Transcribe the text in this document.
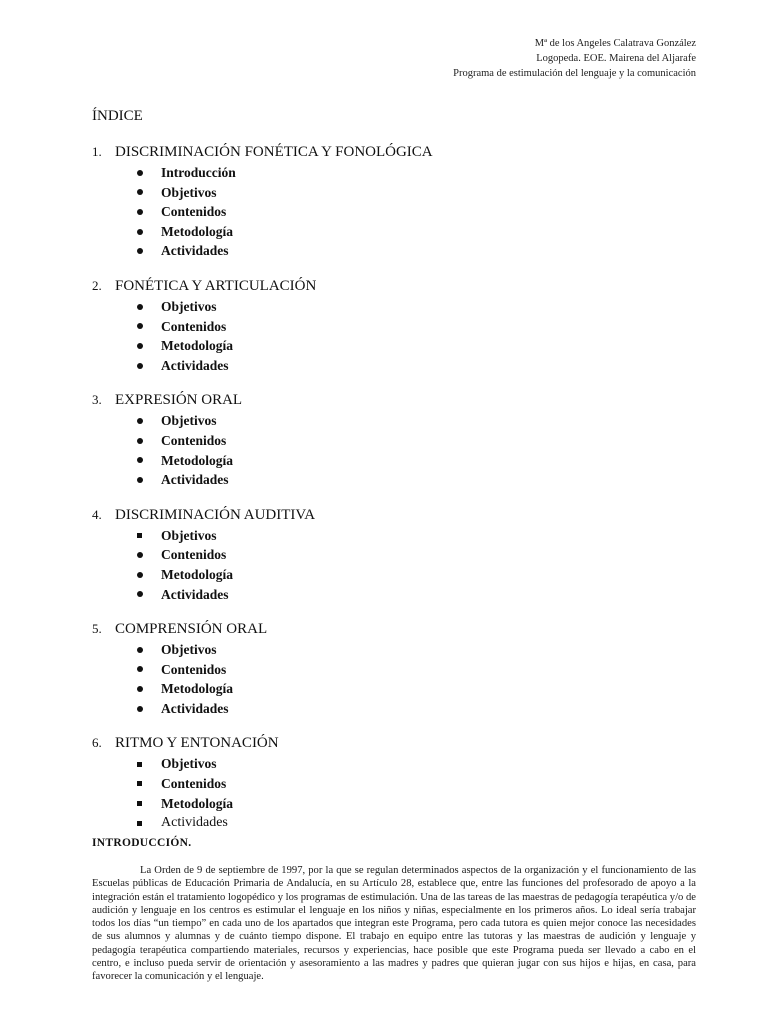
Mª de los Angeles Calatrava González
Logopeda. EOE. Mairena del Aljarafe
Programa de estimulación del lenguaje y la comunicación
ÍNDICE
1. DISCRIMINACIÓN FONÉTICA Y FONOLÓGICA
Introducción
Objetivos
Contenidos
Metodología
Actividades
2. FONÉTICA Y ARTICULACIÓN
Objetivos
Contenidos
Metodología
Actividades
3. EXPRESIÓN ORAL
Objetivos
Contenidos
Metodología
Actividades
4. DISCRIMINACIÓN AUDITIVA
Objetivos
Contenidos
Metodología
Actividades
5. COMPRENSIÓN ORAL
Objetivos
Contenidos
Metodología
Actividades
6. RITMO Y ENTONACIÓN
Objetivos
Contenidos
Metodología
Actividades
INTRODUCCIÓN.
La Orden de 9 de septiembre de 1997, por la que se regulan determinados aspectos de la organización y el funcionamiento de las Escuelas públicas de Educación Primaria de Andalucía, en su Artículo 28, establece que, entre las funciones del profesorado de apoyo a la integración están el tratamiento logopédico y los programas de estimulación. Una de las tareas de las maestras de pedagogía terapéutica y/o de audición y lenguaje en los centros es estimular el lenguaje en los niños y niñas, especialmente en los primeros años. Lo ideal sería trabajar todos los días “un tiempo” en cada uno de los apartados que integran este Programa, pero cada tutora es quien mejor conoce las necesidades de sus alumnos y alumnas y de cuánto tiempo dispone. El trabajo en equipo entre las tutoras y las maestras de audición y lenguaje y pedagogía terapéutica compartiendo materiales, recursos y experiencias, hace posible que este Programa pueda ser llevado a cabo en el centro, e incluso pueda servir de orientación y asesoramiento a las madres y padres que quieran jugar con sus hijos e hijas, en casa, para favorecer la comunicación y el lenguaje.
